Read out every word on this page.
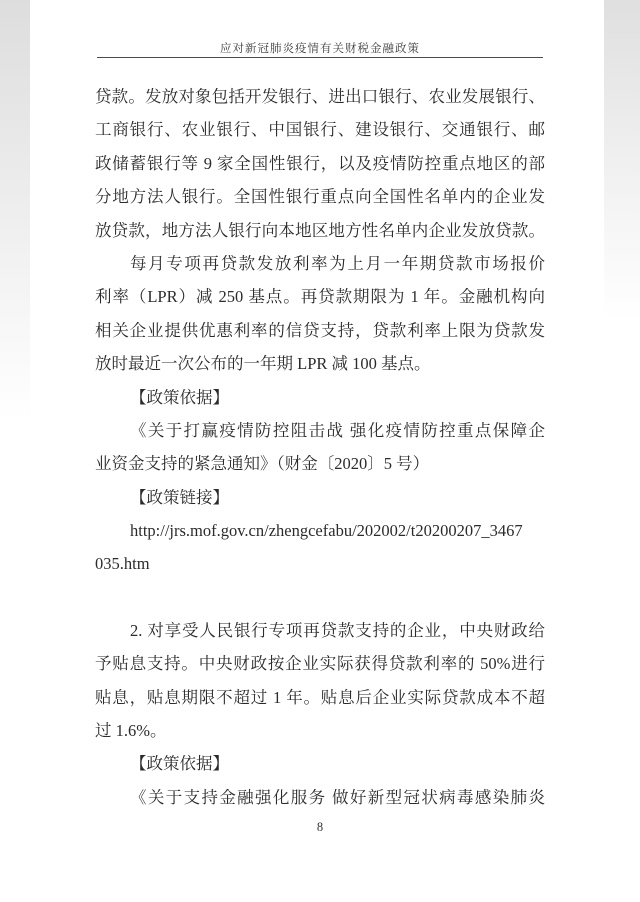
应对新冠肺炎疫情有关财税金融政策
贷款。发放对象包括开发银行、进出口银行、农业发展银行、
工商银行、农业银行、中国银行、建设银行、交通银行、邮
政储蓄银行等 9 家全国性银行，以及疫情防控重点地区的部
分地方法人银行。全国性银行重点向全国性名单内的企业发
放贷款，地方法人银行向本地区地方性名单内企业发放贷款。
每月专项再贷款发放利率为上月一年期贷款市场报价
利率（LPR）减 250 基点。再贷款期限为 1 年。金融机构向
相关企业提供优惠利率的信贷支持，贷款利率上限为贷款发
放时最近一次公布的一年期 LPR 减 100 基点。
【政策依据】
《关于打赢疫情防控阻击战 强化疫情防控重点保障企
业资金支持的紧急通知》（财金〔2020〕5 号）
【政策链接】
http://jrs.mof.gov.cn/zhengcefabu/202002/t20200207_3467
035.htm
2. 对享受人民银行专项再贷款支持的企业，中央财政给
予贴息支持。中央财政按企业实际获得贷款利率的 50%进行
贴息，贴息期限不超过 1 年。贴息后企业实际贷款成本不超
过 1.6%。
【政策依据】
《关于支持金融强化服务 做好新型冠状病毒感染肺炎
8
